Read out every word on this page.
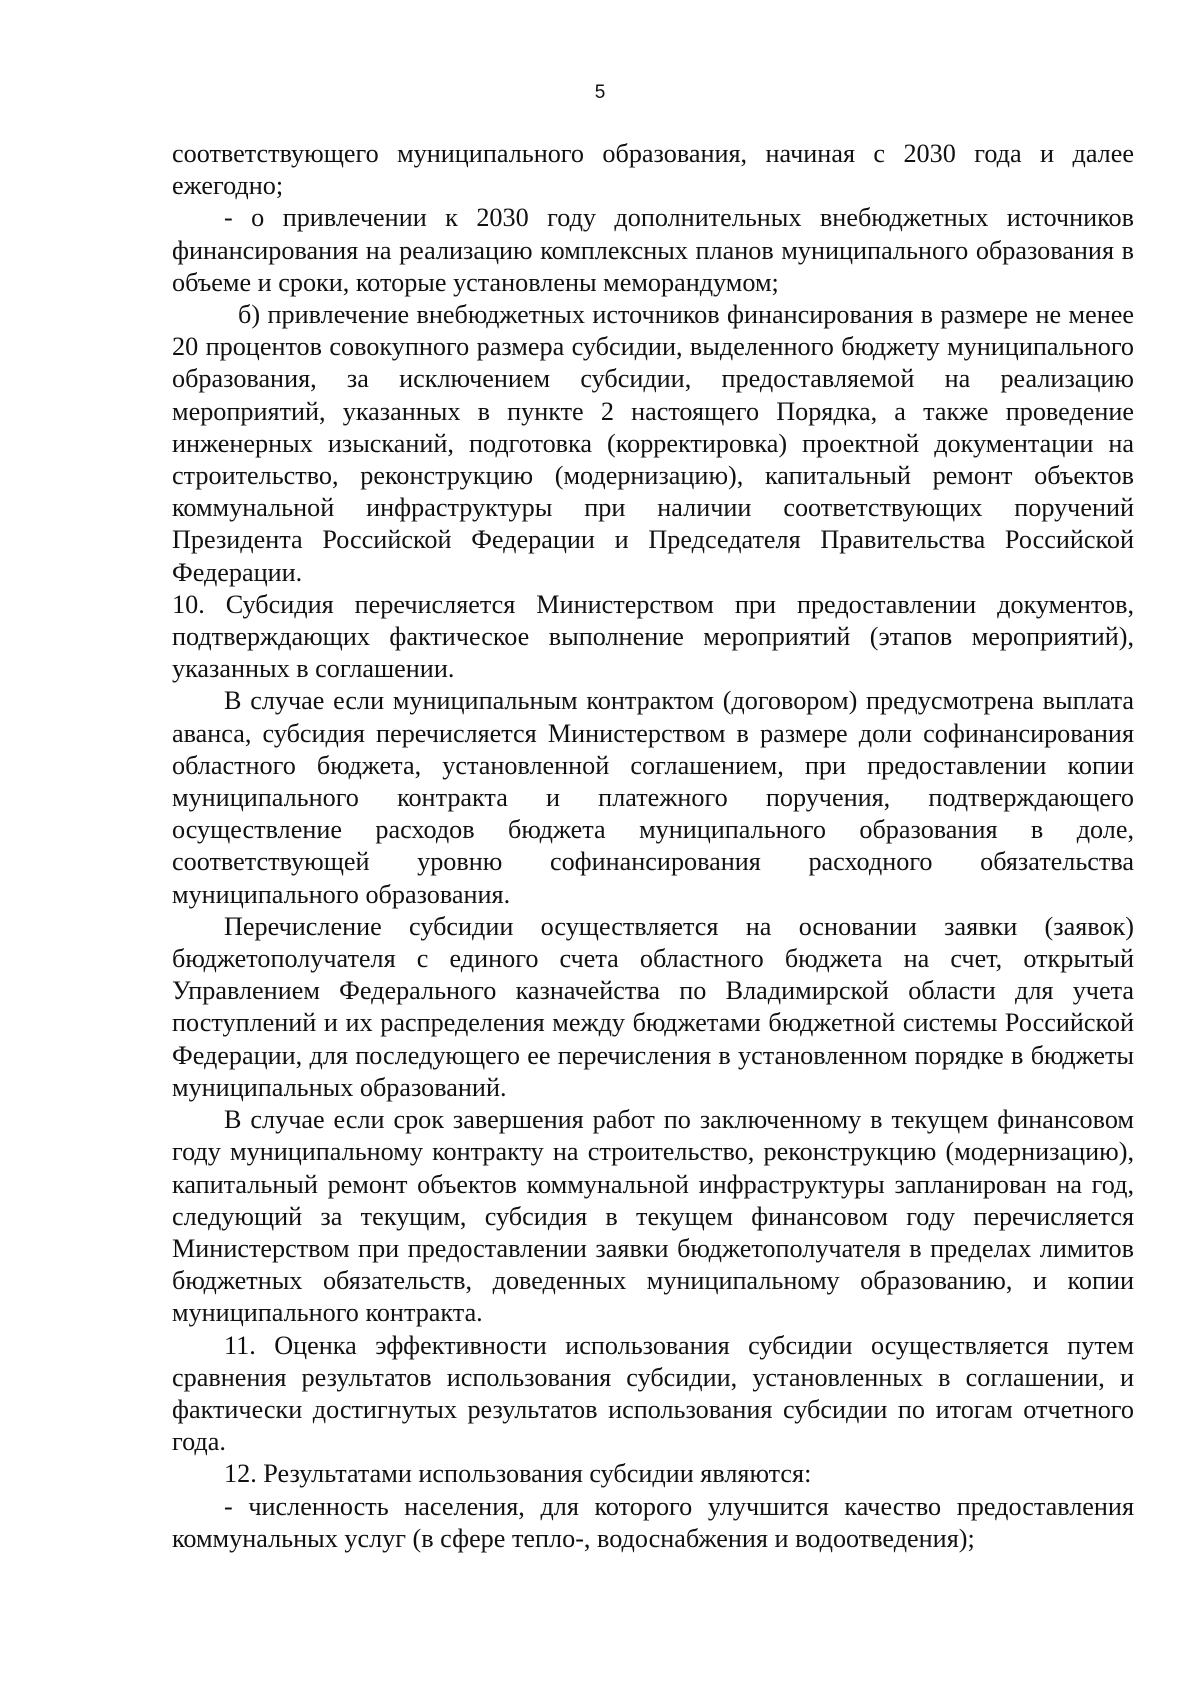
5

соответствующего муниципального образования, начиная с 2030 года и далее ежегодно;

- о привлечении к 2030 году дополнительных внебюджетных источников финансирования на реализацию комплексных планов муниципального образования в объеме и сроки, которые установлены меморандумом;

б) привлечение внебюджетных источников финансирования в размере не менее 20 процентов совокупного размера субсидии, выделенного бюджету муниципального образования, за исключением субсидии, предоставляемой на реализацию мероприятий, указанных в пункте 2 настоящего Порядка, а также проведение инженерных изысканий, подготовка (корректировка) проектной документации на строительство, реконструкцию (модернизацию), капитальный ремонт объектов коммунальной инфраструктуры при наличии соответствующих поручений Президента Российской Федерации и Председателя Правительства Российской Федерации.

10. Субсидия перечисляется Министерством при предоставлении документов, подтверждающих фактическое выполнение мероприятий (этапов мероприятий), указанных в соглашении.

В случае если муниципальным контрактом (договором) предусмотрена выплата аванса, субсидия перечисляется Министерством в размере доли софинансирования областного бюджета, установленной соглашением, при предоставлении копии муниципального контракта и платежного поручения, подтверждающего осуществление расходов бюджета муниципального образования в доле, соответствующей уровню софинансирования расходного обязательства муниципального образования.

Перечисление субсидии осуществляется на основании заявки (заявок) бюджетополучателя с единого счета областного бюджета на счет, открытый Управлением Федерального казначейства по Владимирской области для учета поступлений и их распределения между бюджетами бюджетной системы Российской Федерации, для последующего ее перечисления в установленном порядке в бюджеты муниципальных образований.

В случае если срок завершения работ по заключенному в текущем финансовом году муниципальному контракту на строительство, реконструкцию (модернизацию), капитальный ремонт объектов коммунальной инфраструктуры запланирован на год, следующий за текущим, субсидия в текущем финансовом году перечисляется Министерством при предоставлении заявки бюджетополучателя в пределах лимитов бюджетных обязательств, доведенных муниципальному образованию, и копии муниципального контракта.

11. Оценка эффективности использования субсидии осуществляется путем сравнения результатов использования субсидии, установленных в соглашении, и фактически достигнутых результатов использования субсидии по итогам отчетного года.

12. Результатами использования субсидии являются:

- численность населения, для которого улучшится качество предоставления коммунальных услуг (в сфере тепло-, водоснабжения и водоотведения);
